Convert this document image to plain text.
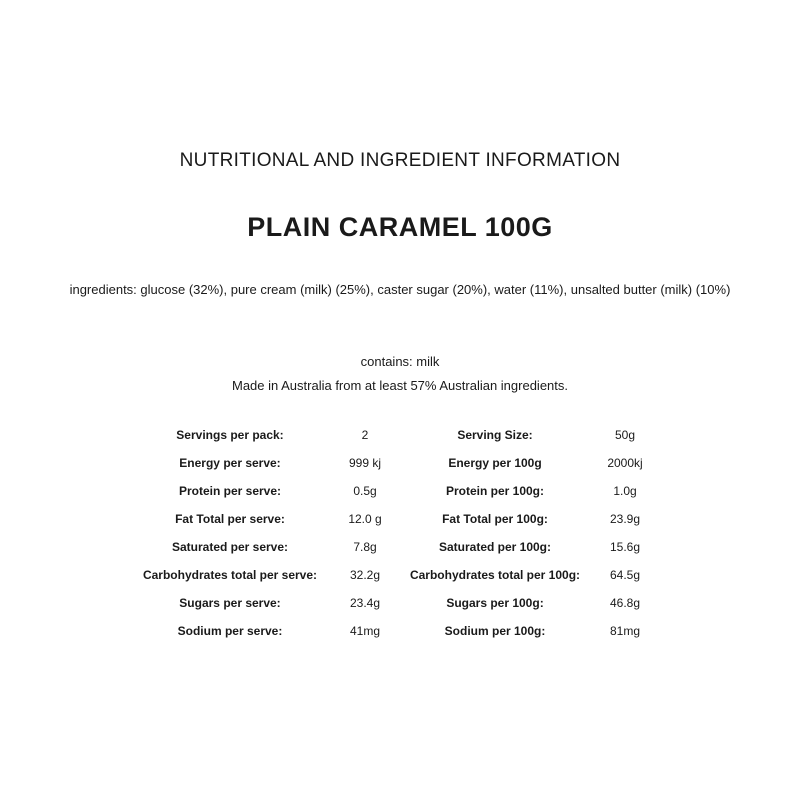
NUTRITIONAL AND INGREDIENT INFORMATION
PLAIN CARAMEL 100G
ingredients: glucose (32%), pure cream (milk) (25%), caster sugar (20%), water (11%), unsalted butter (milk) (10%)
contains: milk
Made in Australia from at least 57% Australian ingredients.
Servings per pack:	2	Serving Size:	50g
Energy per serve:	999 kj	Energy per 100g	2000kj
Protein per serve:	0.5g	Protein per 100g:	1.0g
Fat Total per serve:	12.0 g	Fat Total per 100g:	23.9g
Saturated per serve:	7.8g	Saturated per 100g:	15.6g
Carbohydrates total per serve:	32.2g	Carbohydrates total per 100g:	64.5g
Sugars per serve:	23.4g	Sugars per 100g:	46.8g
Sodium per serve:	41mg	Sodium per 100g:	81mg
